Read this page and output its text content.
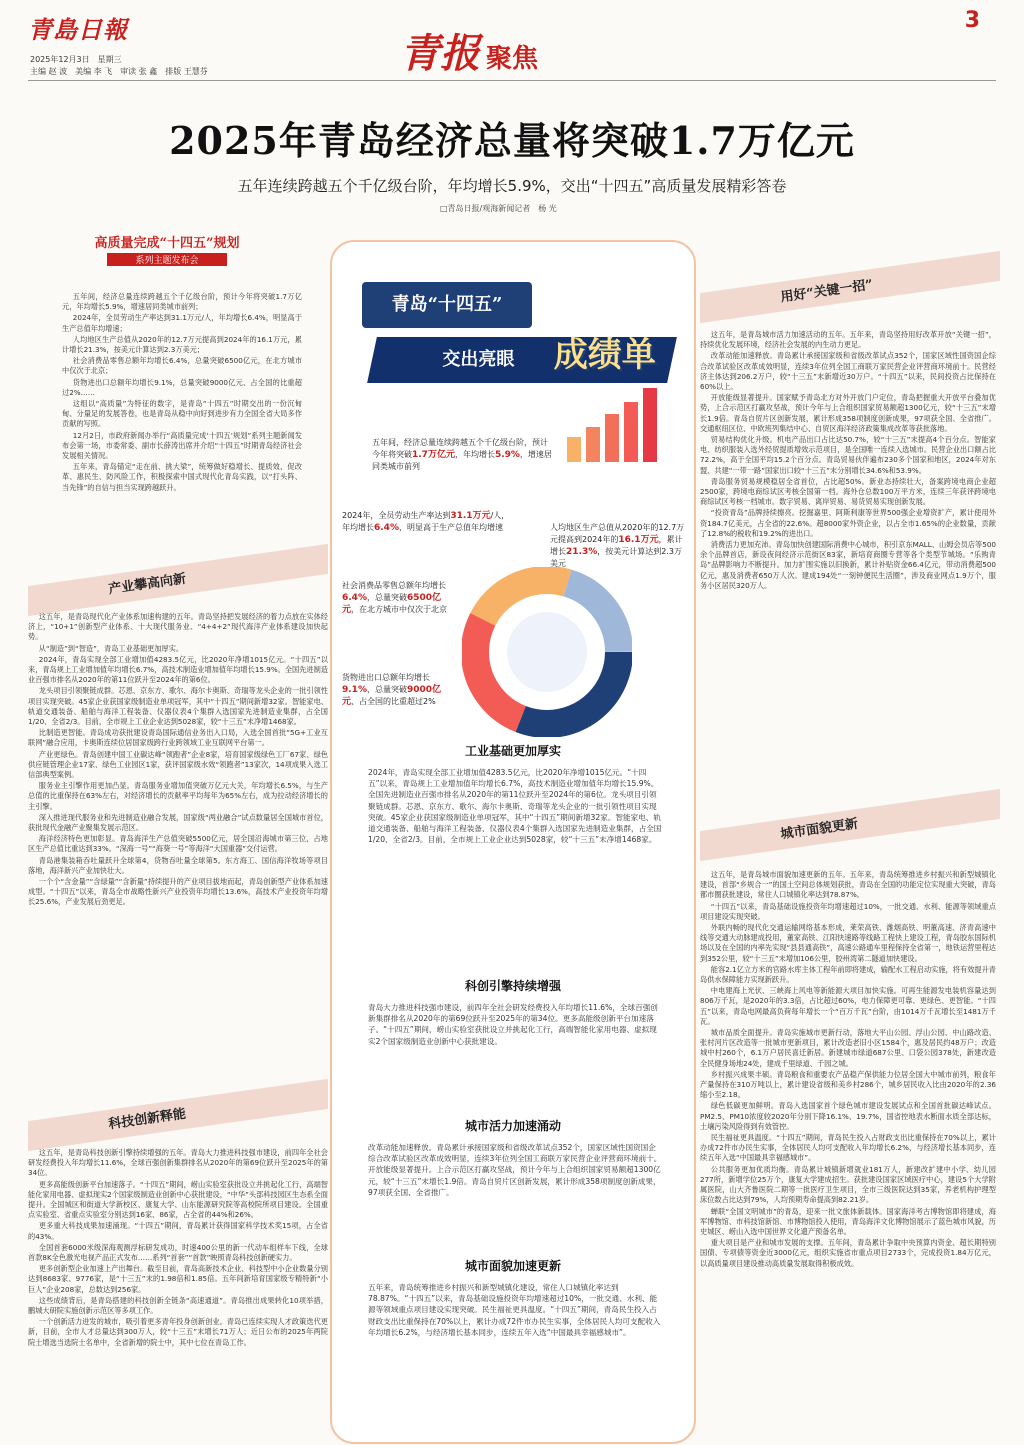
青島日報
2025年12月3日　星期三
主编 赵 波　美编 李 飞　审读 张 鑫　排版 王慧芬	青报 聚焦
3
2025年青岛经济总量将突破1.7万亿元
五年连续跨越五个千亿级台阶，年均增长5.9%，交出“十四五”高质量发展精彩答卷
□青岛日报/观海新闻记者　杨 光
高质量完成“十四五”规划
系列主题发布会

五年间，经济总量连续跨越五个千亿级台阶，预计今年将突破1.7万亿元，年均增长5.9%，增速居同类城市前列；

2024年，全员劳动生产率达到31.1万元/人，年均增长6.4%，明显高于生产总值年均增速；

人均地区生产总值从2020年的12.7万元提高到2024年的16.1万元，累计增长21.3%，按美元计算达到2.3万美元；

社会消费品零售总额年均增长6.4%，总量突破6500亿元，在北方城市中仅次于北京；

货物进出口总额年均增长9.1%，总量突破9000亿元、占全国的比重超过2%……

这组以“高质量”为特征的数字，是青岛“十四五”时期交出的一份沉甸甸、分量足的发展答卷，也是青岛从稳中向好到进步有力全国全省大局多作贡献的写照。

12月2日，市政府新闻办举行“高质量完成‘十四五’规划”系列主题新闻发布会第一场，市委常委、副市长薛涛出席并介绍“十四五”时期青岛经济社会发展相关情况。

五年来，青岛锚定“走在前、挑大梁”，统筹做好稳增长、提质效、促改革、惠民生、防风险工作，积极探索中国式现代化青岛实践，以“打头阵、当先锋”的自信与担当实现跨越跃升。

产业攀高向新

这五年，是青岛现代化产业体系加速构建的五年。青岛坚持把发展经济的着力点放在实体经济上，“10+1”创新型产业体系、十大现代服务业、“4+4+2”现代海洋产业体系建设加快起势。

从“制造”到“智造”，青岛工业基础更加厚实。

2024年，青岛实现全部工业增加值4283.5亿元，比2020年净增1015亿元。“十四五”以来，青岛规上工业增加值年均增长6.7%，高技术制造业增加值年均增长15.9%。全国先进制造业百强市排名从2020年的第11位跃升至2024年的第6位。

龙头项目引领聚链成群。芯恩、京东方、歌尔、海尔卡奥斯、奇瑞等龙头企业的一批引领性项目实现突破。45家企业获国家级制造业单项冠军，其中“十四五”期间新增32家。智能家电、轨道交通装备、船舶与海洋工程装备、仪器仪表4个集群入选国家先进制造业集群，占全国1/20、全省2/3。目前，全市规上工业企业达到5028家，较“十三五”末净增1468家。

比制造更智能。青岛成功获批建设青岛国际通信业务出入口局，入选全国首批“5G+工业互联网”融合应用，卡奥斯连续位居国家级跨行业跨领域工业互联网平台第一。

产业更绿色。青岛创建中国工业碳达峰“领跑者”企业8家，培育国家级绿色工厂67家、绿色供应链管理企业17家、绿色工业园区1家，获评国家级水效“领跑者”13家次，14项成果入选工信部典型案例。

服务业主引擎作用更加凸显。青岛服务业增加值突破万亿元大关，年均增长6.5%，与生产总值的比重保持在63%左右，对经济增长的贡献率平均每年为65%左右，成为拉动经济增长的主引擎。

深入推进现代服务业和先进制造业融合发展，国家级“两业融合”试点数量居全国城市首位，获批现代金融产业聚集发展示范区。

海洋经济特色更加彰显。青岛海洋生产总值突破5500亿元，居全国沿海城市第三位，占地区生产总值比重达到33%。“深海一号”“海葵一号”等海洋“大国重器”交付运营。

青岛港集装箱吞吐量跃升全球第4，货物吞吐量全球第5。东方海工、国信海洋牧场等项目落地，海洋新兴产业加快壮大。

一个个“含金量”“含绿量”“含新量”持续提升的产业项目拔地而起，青岛创新型产业体系加速成型。“十四五”以来，青岛全市战略性新兴产业投资年均增长13.6%，高技术产业投资年均增长25.6%，产业发展后劲更足。

科技创新释能

这五年，是青岛科技创新引擎持续增强的五年。青岛大力推进科技强市建设，前四年全社会研发经费投入年均增长11.6%，全球百强创新集群排名从2020年的第69位跃升至2025年的第34位。

更多高能级创新平台加速落子。“十四五”期间，崂山实验室获批设立并挑起化工行，高端智能化家用电器、虚拟现实2个国家级制造业创新中心获批建设，“中华”头部科技园区生态系全面提升。全国城区和街道大学新校区、康复大学、山东能源研究院等高校院所项目建设。全国重点实验室、省重点实验室分别达到16家、86家，占全省的44%和26%。

更多重大科技成果加速涌现。“十四五”期间，青岛累计获得国家科学技术奖15项，占全省的43%。

全国首套6000米级深海观测浮标研发成功，时速400公里的新一代动车组样车下线，全球首款8K全色激光电视产品正式发布……系列“首套”“首款”映照青岛科技创新硬实力。

更多创新型企业加速上产出舞台。截至目前，青岛高新技术企业、科技型中小企业数量分别达到8683家、9776家，是“十三五”末的1.98倍和1.85倍。五年间新培育国家级专精特新“小巨人”企业208家，总数达到256家。

这些成绩背后，是青岛搭建的科技创新全链条“高速通道”。青岛推出成果转化10项举措，鹏城大研院实施创新示范区等多项工作。

一个创新活力迸发的城市，吸引着更多青年投身创新创业。青岛已连续实现人才政策迭代更新，目前，全市人才总量达到300万人，较“十三五”末增长71万人；近日公布的2025年两院院士增选当选院士名单中，全省新增的院士中，其中七位在青岛工作。

青岛“十四五”
交出亮眼 成绩单
五年间，经济总量连续跨越五个千亿级台阶，预计今年将突破1.7万亿元，年均增长5.9%，增速居同类城市前列
2024年，全员劳动生产率达到31.1万元/人，年均增长6.4%，明显高于生产总值年均增速	人均地区生产总值从2020年的12.7万元提高到2024年的16.1万元，累计增长21.3%，按美元计算达到2.3万美元
社会消费品零售总额年均增长6.4%，总量突破6500亿元，在北方城市中仅次于北京
货物进出口总额年均增长9.1%，总量突破9000亿元、占全国的比重超过2%
工业基础更加厚实
2024年，青岛实现全部工业增加值4283.5亿元，比2020年净增1015亿元。“十四五”以来，青岛规上工业增加值年均增长6.7%，高技术制造业增加值年均增长15.9%。全国先进制造业百强市排名从2020年的第11位跃升至2024年的第6位。龙头项目引领聚链成群。芯恩、京东方、歌尔、海尔卡奥斯、奇瑞等龙头企业的一批引领性项目实现突破。45家企业获国家级制造业单项冠军，其中“十四五”期间新增32家。智能家电、轨道交通装备、船舶与海洋工程装备、仪器仪表4个集群入选国家先进制造业集群，占全国1/20、全省2/3。目前，全市规上工业企业达到5028家，较“十三五”末净增1468家。
科创引擎持续增强
青岛大力推进科技强市建设，前四年全社会研发经费投入年均增长11.6%，全球百强创新集群排名从2020年的第69位跃升至2025年的第34位。更多高能级创新平台加速落子。“十四五”期间，崂山实验室获批设立并挑起化工行，高端智能化家用电器、虚拟现实2个国家级制造业创新中心获批建设。
城市活力加速涌动
改革动能加速释放。青岛累计承接国家级和省级改革试点352个，国家区域性国资国企综合改革试验区改革成效明显，连续3年位列全国工商联万家民营企业评营商环境前十。开放能级显著提升。上合示范区打赢攻坚战，预计今年与上合组织国家贸易额超1300亿元，较“十三五”末增长1.9倍。青岛自贸片区创新发展，累计形成358项制度创新成果，97项获全国、全省推广。
城市面貌加速更新
五年来，青岛统筹推进乡村振兴和新型城镇化建设，常住人口城镇化率达到78.87%。“十四五”以来，青岛基础设施投资年均增速超过10%，一批交通、水利、能源等领域重点项目建设实现突破。民生福祉更具温度。“十四五”期间，青岛民生投入占财政支出比重保持在70%以上，累计办成72件市办民生实事，全体居民人均可支配收入年均增长6.2%，与经济增长基本同步，连续五年入选“中国最具幸福感城市”。
用好“关键一招”

这五年，是青岛城市活力加速活动的五年。五年来，青岛坚持用好改革开放“关键一招”，持续优化发展环境，经济社会发展的内生动力更足。

改革动能加速释放。青岛累计承接国家级和省级改革试点352个，国家区域性国资国企综合改革试验区改革成效明显，连续3年位列全国工商联万家民营企业评营商环境前十。民营经济主体达到206.2万户，较“十三五”末新增近30万户。“十四五”以来，民间投资占比保持在60%以上。

开放能级显著提升。国家赋予青岛北方对外开放门户定位，青岛把握重大开放平台叠加优势，上合示范区打赢攻坚战，预计今年与上合组织国家贸易额超1300亿元，较“十三五”末增长1.9倍。青岛自贸片区创新发展，累计形成358项制度创新成果，97项获全国、全省推广。交通枢纽区位、中欧班列集结中心、自贸区海洋经济政策集成改革等获批落地。

贸易结构优化升级。机电产品出口占比达50.7%，较“十三五”末提高4个百分点。智能家电、纺织服装入选外经贸提质增效示范项目，是全国唯一连续入选城市。民营企业出口额占比72.2%，高于全国平均15.2个百分点。青岛贸易伙伴遍布230多个国家和地区，2024年对东盟、共建“一带一路”国家出口较“十三五”末分别增长34.6%和53.9%。

青岛服务贸易规模稳居全省首位，占比超50%。新业态持续壮大，备案跨境电商企业超2500家，跨境电商综试区考核全国第一档。海外仓总数100万平方米，连续三年获评跨境电商综试区考核一档城市。数字贸易、离岸贸易、易货贸易实现创新发展。

“投资青岛”品牌持续擦亮。挖掘嘉里、阿斯利康等世界500强企业增资扩产，累计使用外资184.7亿美元，占全省的22.6%。超8000家外资企业，以占全市1.65%的企业数量，贡献了12.8%的税收和19.2%的进出口。

消费活力更加充沛。青岛加快创建国际消费中心城市，积引京东MALL、山姆会员店等500余个品牌首店，新设夜间经济示范街区83家，新培育商圈专营等各个类型节城场。“乐购青岛”品牌影响力不断提升。加力扩围实施以旧换新，累计补贴资金66.4亿元，带动消费超500亿元，惠及消费者650万人次。建成194处“一刻钟便民生活圈”，涉及商业网点1.9万个，服务小区居民320万人。

城市面貌更新

这五年，是青岛城市面貌加速更新的五年。五年来，青岛统筹推进乡村振兴和新型城镇化建设，首部“乡规合一”的国土空间总体规划获批，青岛在全国的功能定位实现重大突破，青岛都市圈获批建设，常住人口城镇化率达到78.87%。

“十四五”以来，青岛基础设施投资年均增速超过10%，一批交通、水利、能源等领域重点项目建设实现突破。

外联内畅的现代化交通运输网络基本形成，莱荣高铁、潍烟高铁、明董高速、济青高速中线等交通大动脉建成投用，董家高铁、江阳快速路等线路工程快上建设工程，青岛胶东国际机场以及在全国的内率先实现“县县通高铁”，高速公路通车里程保持全省第一，地铁运营里程达到352公里，较“十三五”末增加106公里，胶州湾第二隧道加快建设。

能容2.1亿立方米的官路水库主体工程年前即将建成，输配水工程启动实施，将有效提升青岛供水保障能力实现新跃升。

中电建海上光伏、三峡海上风电等新能源大项目加快实施。可再生能源发电装机容量达到806万千瓦，是2020年的3.3倍，占比超过60%，电力保障更可靠、更绿色、更智能。“十四五”以来，青岛电网最高负荷每年增长一个“百万千瓦”台阶，由1014万千瓦增长至1481万千瓦。

城市品质全面提升。青岛实施城市更新行动，落地大平山公园、浮山公园、中山路改造、张村河片区改造等一批城市更新项目，累计改造老旧小区1584个，惠及居民约48万户；改造城中村260个，6.1万户居民喜迁新居。新建城市绿道687公里、口袋公园378处，新建改造全民健身场地24处，建成千里绿道、千园之城。

乡村振兴成果丰硕。青岛粮食和重要农产品稳产保供能力位居全国大中城市前列，粮食年产量保持在310万吨以上，累计建设省级和美乡村286个，城乡居民收入比由2020年的2.36缩小至2.18。

绿色低碳更加鲜明。青岛入选国家首个绿色城市建设发展试点和全国首批碳达峰试点。PM2.5、PM10浓度较2020年分别下降16.1%、19.7%，国省控地表水断面水质全部达标，土壤污染风险得到有效管控。

民生福祉更具温度。“十四五”期间，青岛民生投入占财政支出比重保持在70%以上，累计办成72件市办民生实事，全体居民人均可支配收入年均增长6.2%，与经济增长基本同步，连续五年入选“中国最具幸福感城市”。

公共服务更加优质均衡。青岛累计城镇新增就业181万人，新建改扩建中小学、幼儿园277所，新增学位25万个，康复大学建成招生。获批建设国家区域医疗中心，建设5个大学附属医院，山大齐鲁医院二期等一批医疗卫生项目，全市三级医院达到35家，养老机构护理型床位数占比达到79%，人均预期寿命提高到82.21岁。

蝉联“全国文明城市”的青岛，迎来一批文旅体新载体。国家海洋考古博物馆即将建成，海军博物馆、市科技馆新馆、市博物馆投入使用，青岛海洋文化博物馆展示了蓝色城市风貌，历史城区、崂山入选中国世界文化遗产预备名单。

重大项目是产业和城市发展的支撑。五年间，青岛累计争取中央预算内资金、超长期特别国债、专项债等资金近3000亿元，组织实施省市重点项目2733个，完成投资1.84万亿元，以高质量项目建设推动高质量发展取得积极成效。
